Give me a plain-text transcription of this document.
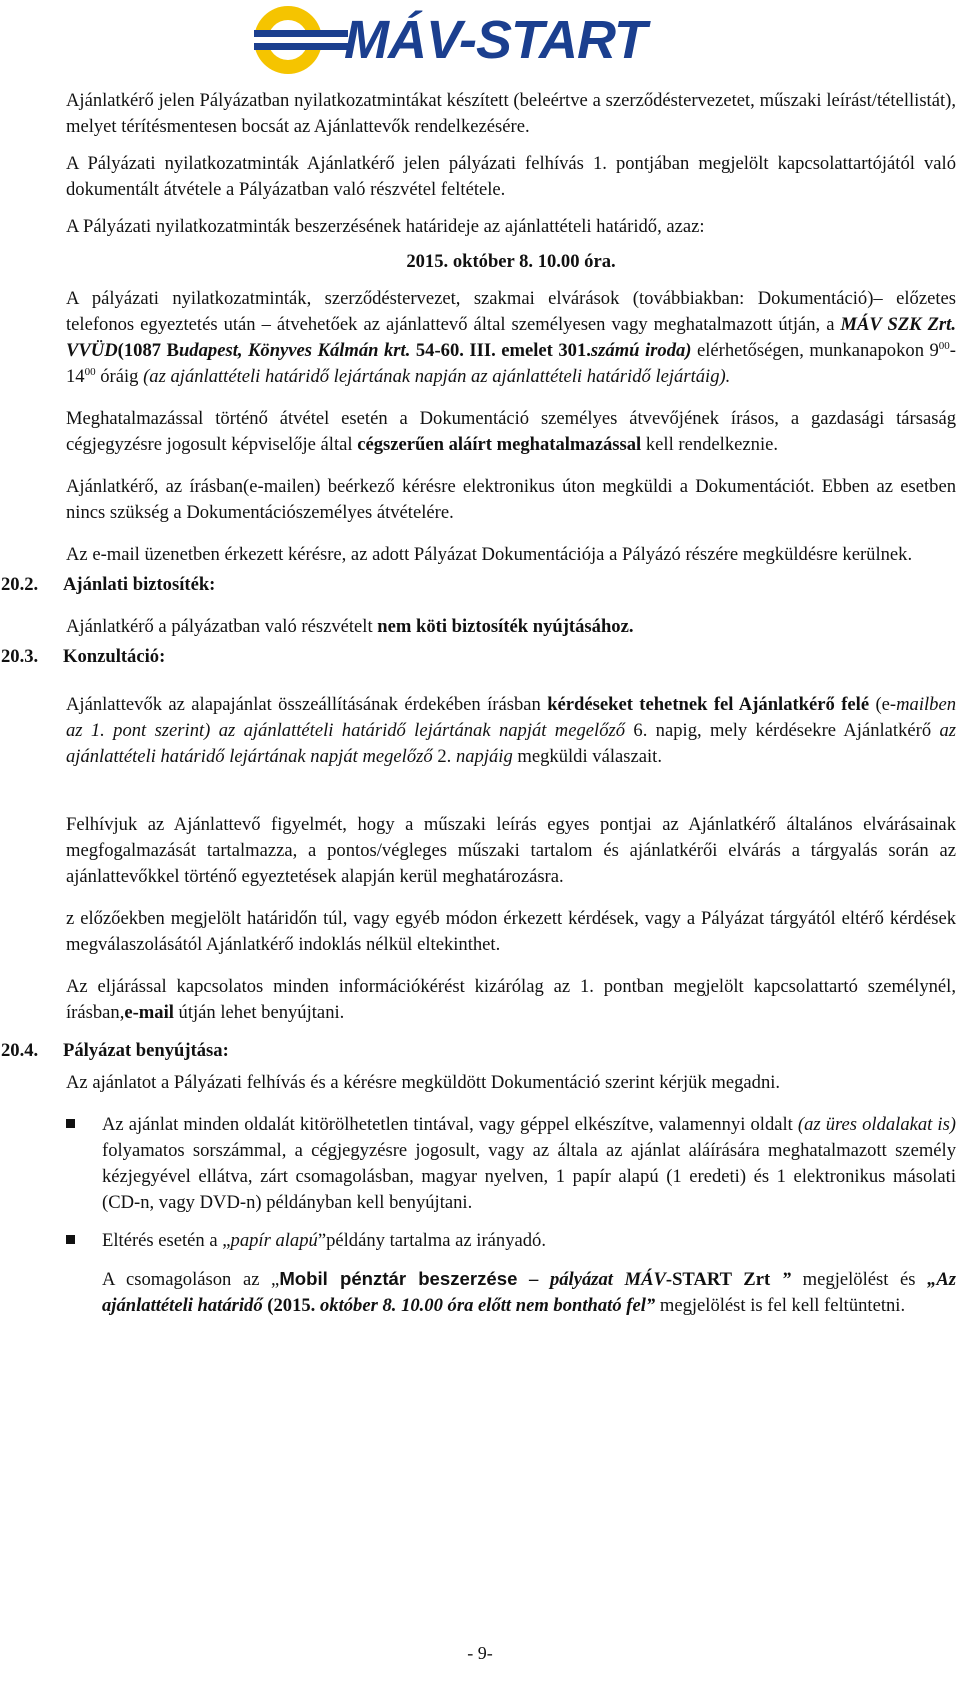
MÁV-START

Ajánlatkérő jelen Pályázatban nyilatkozatmintákat készített (beleértve a szerződéstervezetet, műszaki leírást/tétellistát), melyet térítésmentesen bocsát az Ajánlattevők rendelkezésére.

A Pályázati nyilatkozatminták Ajánlatkérő jelen pályázati felhívás 1. pontjában megjelölt kapcsolattartójától való dokumentált átvétele a Pályázatban való részvétel feltétele.

A Pályázati nyilatkozatminták beszerzésének határideje az ajánlattételi határidő, azaz:

2015. október 8. 10.00 óra.

A pályázati nyilatkozatminták, szerződéstervezet, szakmai elvárások (továbbiakban: Dokumentáció)– előzetes telefonos egyeztetés után – átvehetőek az ajánlattevő által személyesen vagy meghatalmazott útján, a MÁV SZK Zrt. VVÜD(1087 Budapest, Könyves Kálmán krt. 54-60. III. emelet 301.számú iroda) elérhetőségen, munkanapokon $9^{00}-14^{00}$ óráig (az ajánlattételi határidő lejártának napján az ajánlattételi határidő lejártáig).

Meghatalmazással történő átvétel esetén a Dokumentáció személyes átvevőjének írásos, a gazdasági társaság cégjegyzésre jogosult képviselője által cégszerűen aláírt meghatalmazással kell rendelkeznie.

Ajánlatkérő, az írásban(e-mailen) beérkező kérésre elektronikus úton megküldi a Dokumentációt. Ebben az esetben nincs szükség a Dokumentációszemélyes átvételére.

Az e-mail üzenetben érkezett kérésre, az adott Pályázat Dokumentációja a Pályázó részére megküldésre kerülnek.

20.2. Ajánlati biztosíték:

Ajánlatkérő a pályázatban való részvételt nem köti biztosíték nyújtásához.

20.3. Konzultáció:

Ajánlattevők az alapajánlat összeállításának érdekében írásban kérdéseket tehetnek fel Ajánlatkérő felé (e-mailben az 1. pont szerint) az ajánlattételi határidő lejártának napját megelőző 6. napig, mely kérdésekre Ajánlatkérő az ajánlattételi határidő lejártának napját megelőző 2. napjáig megküldi válaszait.

Felhívjuk az Ajánlattevő figyelmét, hogy a műszaki leírás egyes pontjai az Ajánlatkérő általános elvárásainak megfogalmazását tartalmazza, a pontos/végleges műszaki tartalom és ajánlatkérői elvárás a tárgyalás során az ajánlattevőkkel történő egyeztetések alapján kerül meghatározásra.

z előzőekben megjelölt határidőn túl, vagy egyéb módon érkezett kérdések, vagy a Pályázat tárgyától eltérő kérdések megválaszolásától Ajánlatkérő indoklás nélkül eltekinthet.

Az eljárással kapcsolatos minden információkérést kizárólag az 1. pontban megjelölt kapcsolattartó személynél, írásban,e-mail útján lehet benyújtani.

20.4. Pályázat benyújtása:

Az ajánlatot a Pályázati felhívás és a kérésre megküldött Dokumentáció szerint kérjük megadni.

Az ajánlat minden oldalát kitörölhetetlen tintával, vagy géppel elkészítve, valamennyi oldalt (az üres oldalakat is) folyamatos sorszámmal, a cégjegyzésre jogosult, vagy az általa az ajánlat aláírására meghatalmazott személy kézjegyével ellátva, zárt csomagolásban, magyar nyelven, 1 papír alapú (1 eredeti) és 1 elektronikus másolati (CD-n, vagy DVD-n) példányban kell benyújtani.

Eltérés esetén a „papír alapú”példány tartalma az irányadó.

A csomagoláson az „Mobil pénztár beszerzése – pályázat MÁV-START Zrt ” megjelölést és „Az ajánlattételi határidő (2015. október 8. 10.00 óra előtt nem bontható fel” megjelölést is fel kell feltüntetni.

- 9-
